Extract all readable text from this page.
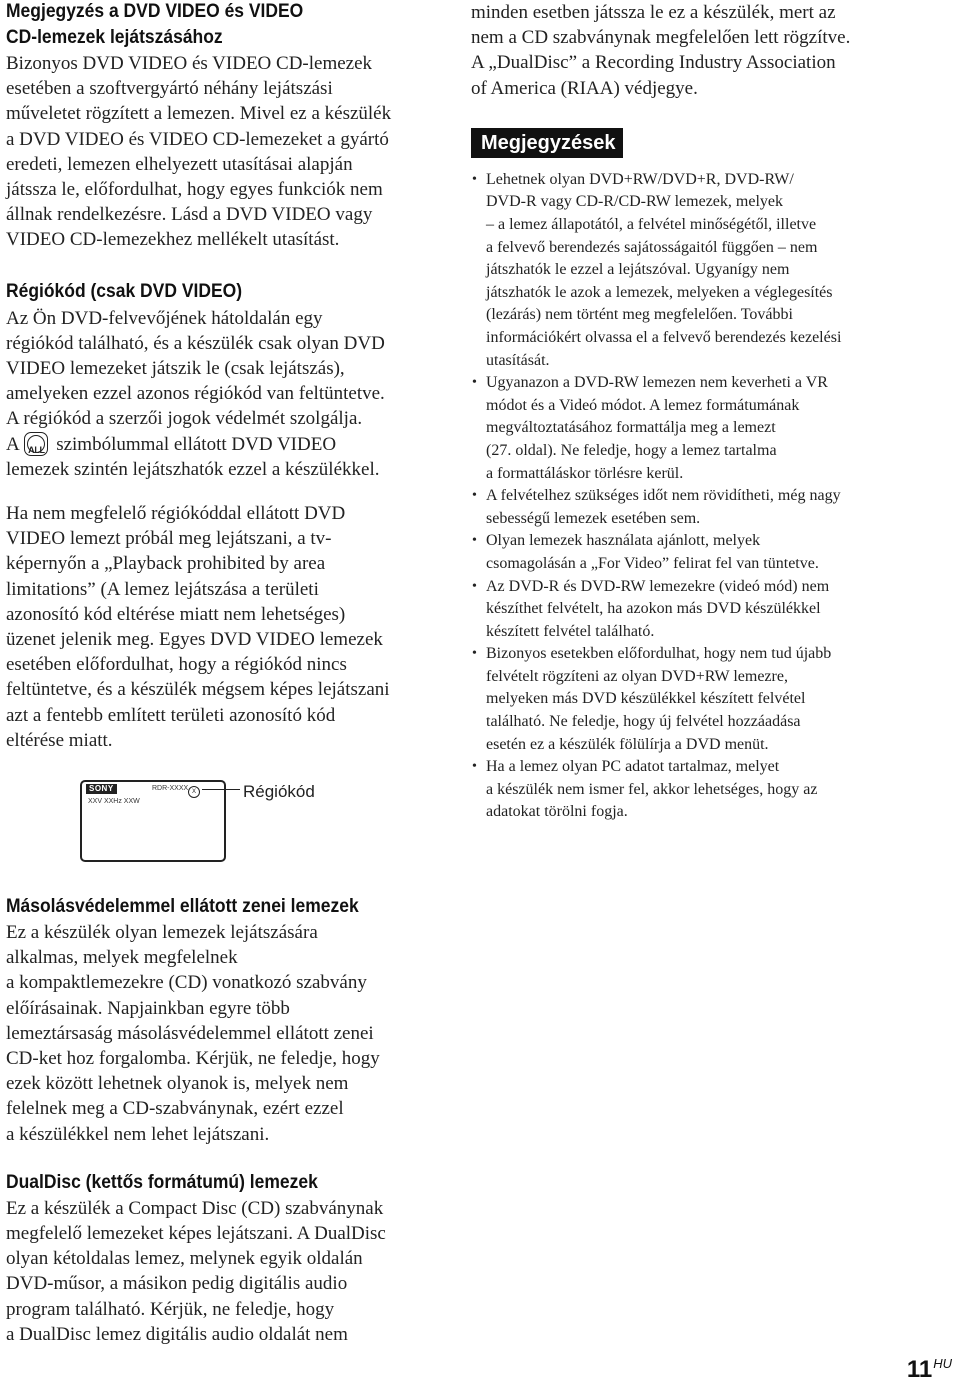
Megjegyzés a DVD VIDEO és VIDEO
CD-lemezek lejátszásához
Bizonyos DVD VIDEO és VIDEO CD-lemezek
esetében a szoftvergyártó néhány lejátszási
műveletet rögzített a lemezen. Mivel ez a készülék
a DVD VIDEO és VIDEO CD-lemezeket a gyártó
eredeti, lemezen elhelyezett utasításai alapján
játssza le, előfordulhat, hogy egyes funkciók nem
állnak rendelkezésre. Lásd a DVD VIDEO vagy
VIDEO CD-lemezekhez mellékelt utasítást.
Régiókód (csak DVD VIDEO)
Az Ön DVD-felvevőjének hátoldalán egy
régiókód található, és a készülék csak olyan DVD
VIDEO lemezeket játszik le (csak lejátszás),
amelyeken ezzel azonos régiókód van feltüntetve.
A régiókód a szerzői jogok védelmét szolgálja.
A ALL szimbólummal ellátott DVD VIDEO
lemezek szintén lejátszhatók ezzel a készülékkel.
Ha nem megfelelő régiókóddal ellátott DVD
VIDEO lemezt próbál meg lejátszani, a tv-
képernyőn a „Playback prohibited by area
limitations” (A lemez lejátszása a területi
azonosító kód eltérése miatt nem lehetséges)
üzenet jelenik meg. Egyes DVD VIDEO lemezek
esetében előfordulhat, hogy a régiókód nincs
feltüntetve, és a készülék mégsem képes lejátszani
azt a fentebb említett területi azonosító kód
eltérése miatt.
SONY	RDR-XXXX
XXV XXHz XXW
X	Régiókód
minden esetben játssza le ez a készülék, mert az
nem a CD szabványnak megfelelően lett rögzítve.
A „DualDisc” a Recording Industry Association
of America (RIAA) védjegye.
Megjegyzések
• Lehetnek olyan DVD+RW/DVD+R, DVD-RW/
DVD-R vagy CD-R/CD-RW lemezek, melyek
– a lemez állapotától, a felvétel minőségétől, illetve
a felvevő berendezés sajátosságaitól függően – nem
játszhatók le ezzel a lejátszóval. Ugyanígy nem
játszhatók le azok a lemezek, melyeken a véglegesítés
(lezárás) nem történt meg megfelelően. További
információkért olvassa el a felvevő berendezés kezelési
utasítását.
• Ugyanazon a DVD-RW lemezen nem keverheti a VR
módot és a Videó módot. A lemez formátumának
megváltoztatásához formattálja meg a lemezt
(27. oldal). Ne feledje, hogy a lemez tartalma
a formattáláskor törlésre kerül.
• A felvételhez szükséges időt nem rövidítheti, még nagy
sebességű lemezek esetében sem.
• Olyan lemezek használata ajánlott, melyek
csomagolásán a „For Video” felirat fel van tüntetve.
• Az DVD-R és DVD-RW lemezekre (videó mód) nem
készíthet felvételt, ha azokon más DVD készülékkel
készített felvétel található.
• Bizonyos esetekben előfordulhat, hogy nem tud újabb
felvételt rögzíteni az olyan DVD+RW lemezre,
melyeken más DVD készülékkel készített felvétel
található. Ne feledje, hogy új felvétel hozzáadása
esetén ez a készülék fölülírja a DVD menüt.
• Ha a lemez olyan PC adatot tartalmaz, melyet
a készülék nem ismer fel, akkor lehetséges, hogy az
adatokat törölni fogja.
Másolásvédelemmel ellátott zenei lemezek
Ez a készülék olyan lemezek lejátszására
alkalmas, melyek megfelelnek
a kompaktlemezekre (CD) vonatkozó szabvány
előírásainak. Napjainkban egyre több
lemeztársaság másolásvédelemmel ellátott zenei
CD-ket hoz forgalomba. Kérjük, ne feledje, hogy
ezek között lehetnek olyanok is, melyek nem
felelnek meg a CD-szabványnak, ezért ezzel
a készülékkel nem lehet lejátszani.
DualDisc (kettős formátumú) lemezek
Ez a készülék a Compact Disc (CD) szabványnak
megfelelő lemezeket képes lejátszani. A DualDisc
olyan kétoldalas lemez, melynek egyik oldalán
DVD-műsor, a másikon pedig digitális audio
program található. Kérjük, ne feledje, hogy
a DualDisc lemez digitális audio oldalát nem
$11^{HU}$
